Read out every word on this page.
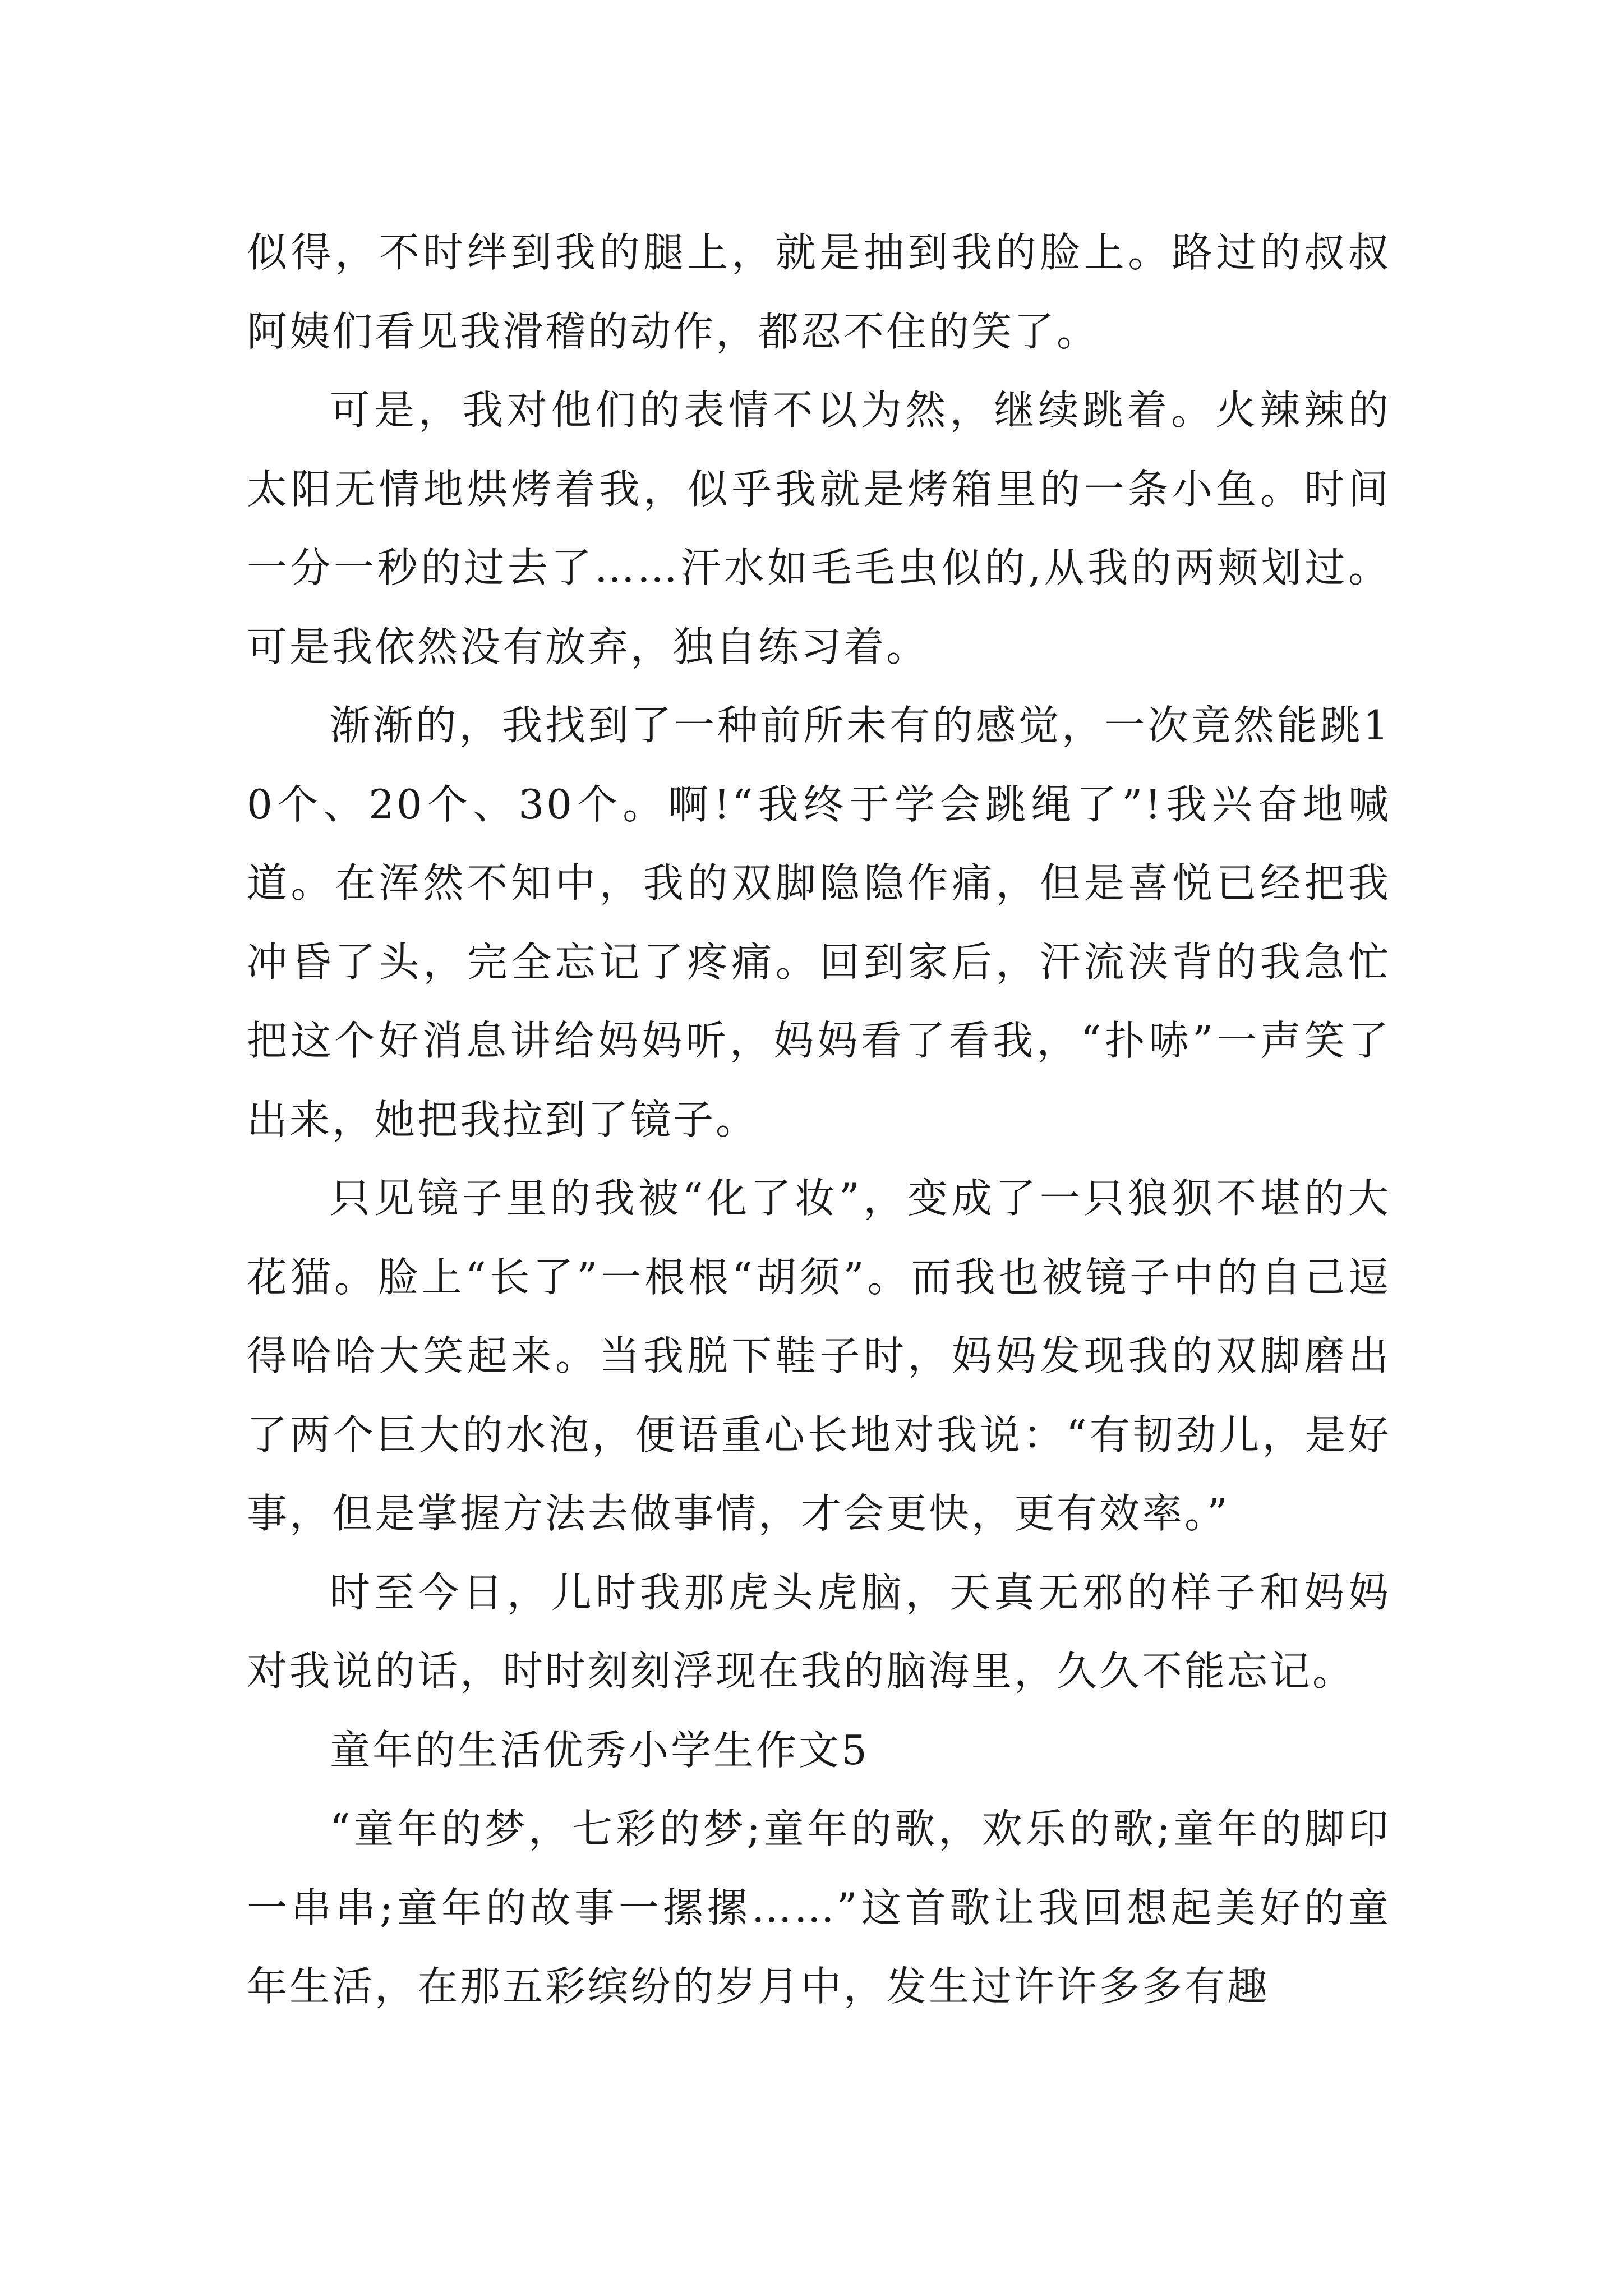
似得，不时绊到我的腿上，就是抽到我的脸上。路过的叔叔阿姨们看见我滑稽的动作，都忍不住的笑了。

可是，我对他们的表情不以为然，继续跳着。火辣辣的太阳无情地烘烤着我，似乎我就是烤箱里的一条小鱼。时间一分一秒的过去了……汗水如毛毛虫似的,从我的两颊划过。可是我依然没有放弃，独自练习着。

渐渐的，我找到了一种前所未有的感觉，一次竟然能跳10个、20个、30个。啊!“我终于学会跳绳了”!我兴奋地喊道。在浑然不知中，我的双脚隐隐作痛，但是喜悦已经把我冲昏了头，完全忘记了疼痛。回到家后，汗流浃背的我急忙把这个好消息讲给妈妈听，妈妈看了看我，“扑哧”一声笑了出来，她把我拉到了镜子。

只见镜子里的我被“化了妆”，变成了一只狼狈不堪的大花猫。脸上“长了”一根根“胡须”。而我也被镜子中的自己逗得哈哈大笑起来。当我脱下鞋子时，妈妈发现我的双脚磨出了两个巨大的水泡，便语重心长地对我说：“有韧劲儿，是好事，但是掌握方法去做事情，才会更快，更有效率。”

时至今日，儿时我那虎头虎脑，天真无邪的样子和妈妈对我说的话，时时刻刻浮现在我的脑海里，久久不能忘记。

童年的生活优秀小学生作文5

“童年的梦，七彩的梦;童年的歌，欢乐的歌;童年的脚印一串串;童年的故事一摞摞……”这首歌让我回想起美好的童年生活，在那五彩缤纷的岁月中，发生过许许多多有趣
